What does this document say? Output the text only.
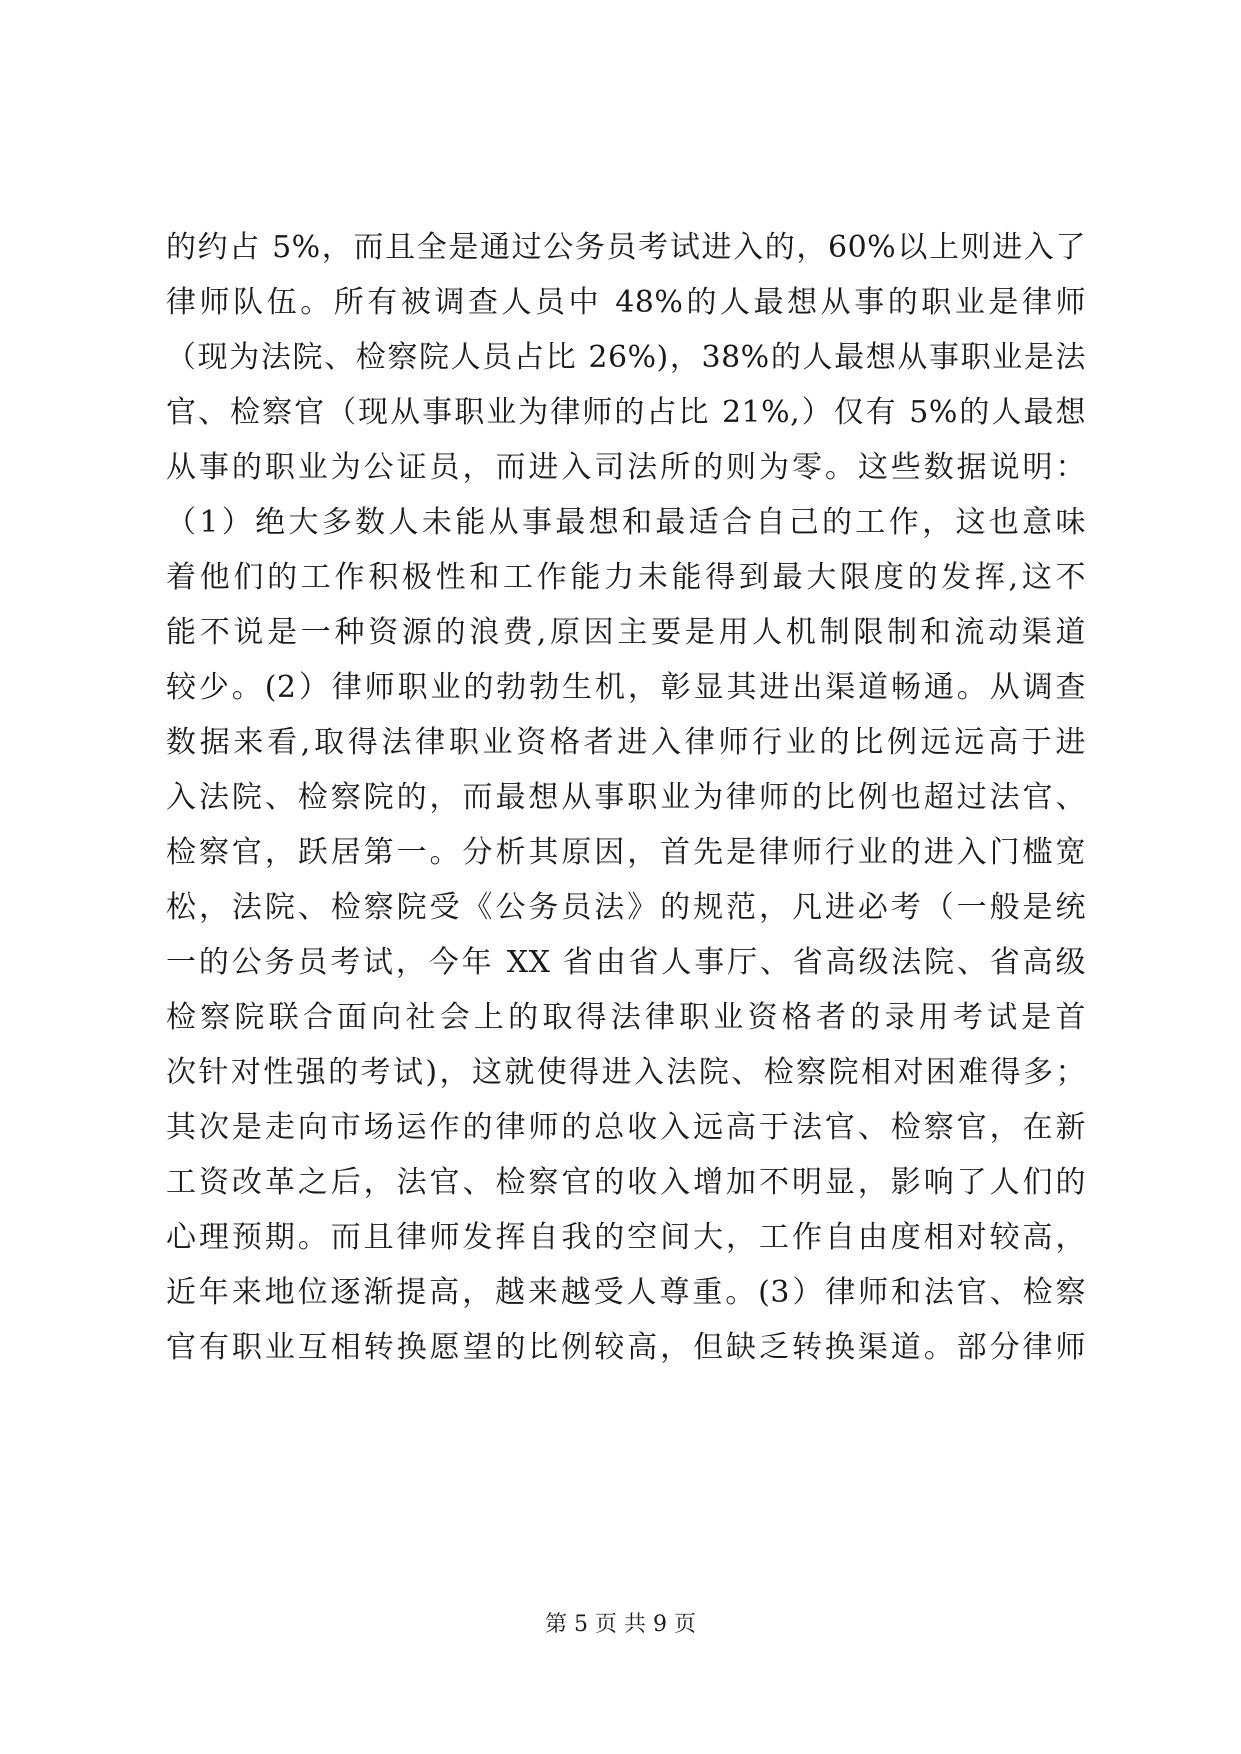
的约占 5%，而且全是通过公务员考试进入的，60%以上则进入了
律师队伍。所有被调查人员中 48%的人最想从事的职业是律师
（现为法院、检察院人员占比 26%)，38%的人最想从事职业是法
官、检察官（现从事职业为律师的占比 21%,）仅有 5%的人最想
从事的职业为公证员，而进入司法所的则为零。这些数据说明：
（1）绝大多数人未能从事最想和最适合自己的工作，这也意味
着他们的工作积极性和工作能力未能得到最大限度的发挥,这不
能不说是一种资源的浪费,原因主要是用人机制限制和流动渠道
较少。(2）律师职业的勃勃生机，彰显其进出渠道畅通。从调查
数据来看,取得法律职业资格者进入律师行业的比例远远高于进
入法院、检察院的，而最想从事职业为律师的比例也超过法官、
检察官，跃居第一。分析其原因，首先是律师行业的进入门槛宽
松，法院、检察院受《公务员法》的规范，凡进必考（一般是统
一的公务员考试，今年 XX 省由省人事厅、省高级法院、省高级
检察院联合面向社会上的取得法律职业资格者的录用考试是首
次针对性强的考试)，这就使得进入法院、检察院相对困难得多；
其次是走向市场运作的律师的总收入远高于法官、检察官，在新
工资改革之后，法官、检察官的收入增加不明显，影响了人们的
心理预期。而且律师发挥自我的空间大，工作自由度相对较高，
近年来地位逐渐提高，越来越受人尊重。(3）律师和法官、检察
官有职业互相转换愿望的比例较高，但缺乏转换渠道。部分律师
第 5 页 共 9 页
